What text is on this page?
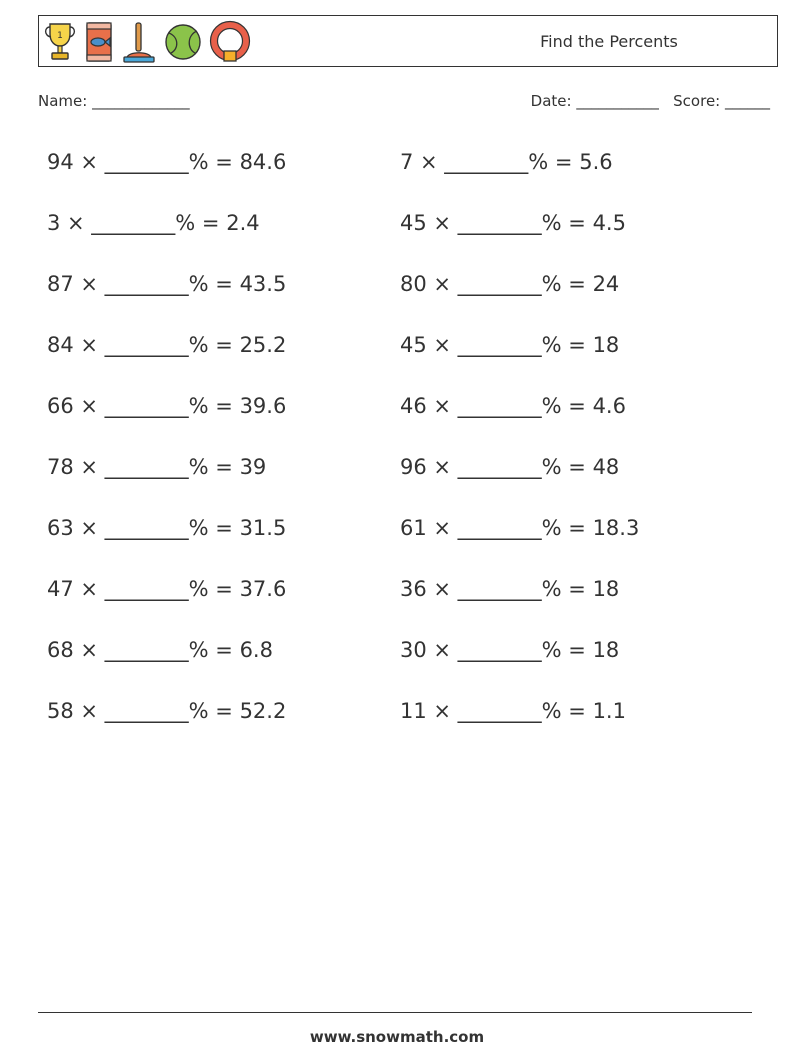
1	Find the Percents
Name: _____________	Date: ___________ Score: ______
94 × ________% = 84.6	7 × ________% = 5.6
3 × ________% = 2.4	45 × ________% = 4.5
87 × ________% = 43.5	80 × ________% = 24
84 × ________% = 25.2	45 × ________% = 18
66 × ________% = 39.6	46 × ________% = 4.6
78 × ________% = 39	96 × ________% = 48
63 × ________% = 31.5	61 × ________% = 18.3
47 × ________% = 37.6	36 × ________% = 18
68 × ________% = 6.8	30 × ________% = 18
58 × ________% = 52.2	11 × ________% = 1.1
www.snowmath.com
